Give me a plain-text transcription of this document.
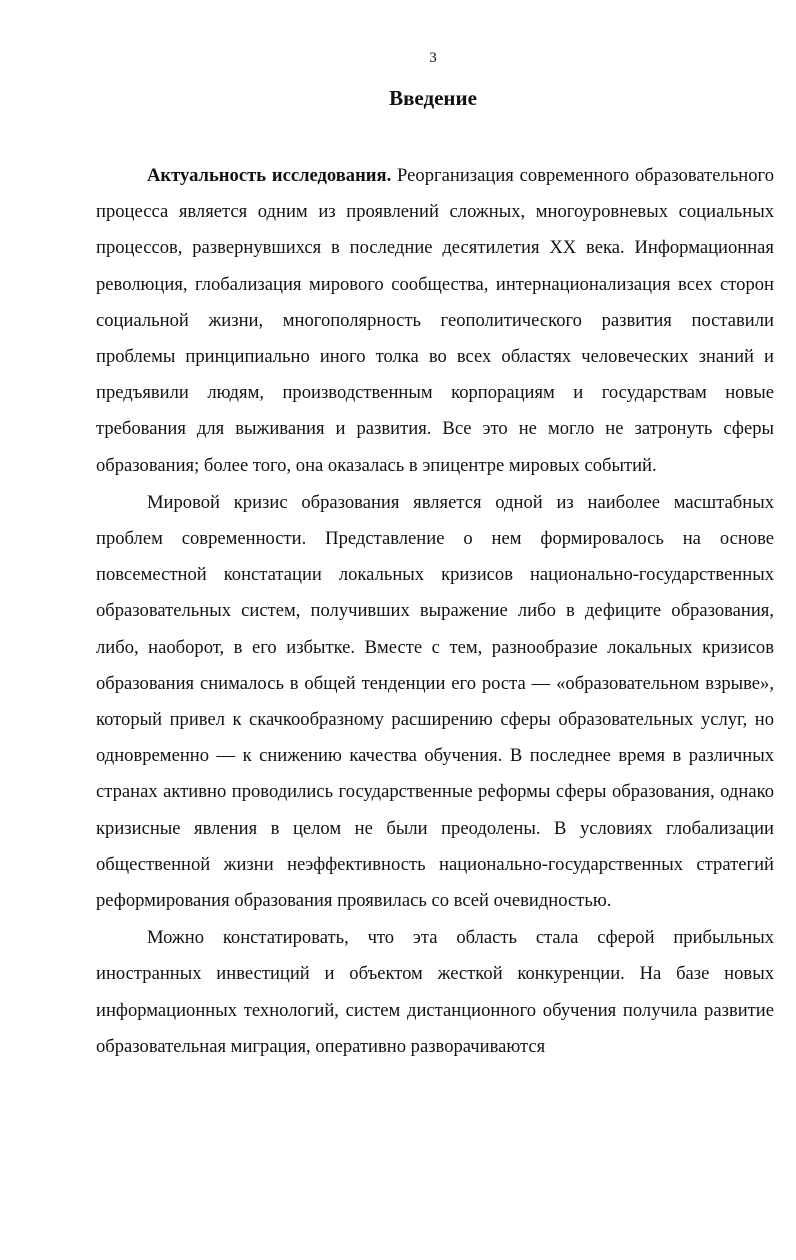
3
Введение

Актуальность исследования. Реорганизация современного образовательного процесса является одним из проявлений сложных, многоуровневых социальных процессов, развернувшихся в последние десятилетия XX века. Информационная революция, глобализация мирового сообщества, интернационализация всех сторон социальной жизни, многополярность геополитического развития поставили проблемы принципиально иного толка во всех областях человеческих знаний и предъявили людям, производственным корпорациям и государствам новые требования для выживания и развития. Все это не могло не затронуть сферы образования; более того, она оказалась в эпицентре мировых событий.

Мировой кризис образования является одной из наиболее масштабных проблем современности. Представление о нем формировалось на основе повсеместной констатации локальных кризисов национально-государственных образовательных систем, получивших выражение либо в дефиците образования, либо, наоборот, в его избытке. Вместе с тем, разнообразие локальных кризисов образования снималось в общей тенденции его роста — «образовательном взрыве», который привел к скачкообразному расширению сферы образовательных услуг, но одновременно — к снижению качества обучения. В последнее время в различных странах активно проводились государственные реформы сферы образования, однако кризисные явления в целом не были преодолены. В условиях глобализации общественной жизни неэффективность национально-государственных стратегий реформирования образования проявилась со всей очевидностью.

Можно констатировать, что эта область стала сферой прибыльных иностранных инвестиций и объектом жесткой конкуренции. На базе новых информационных технологий, систем дистанционного обучения получила развитие образовательная миграция, оперативно разворачиваются
